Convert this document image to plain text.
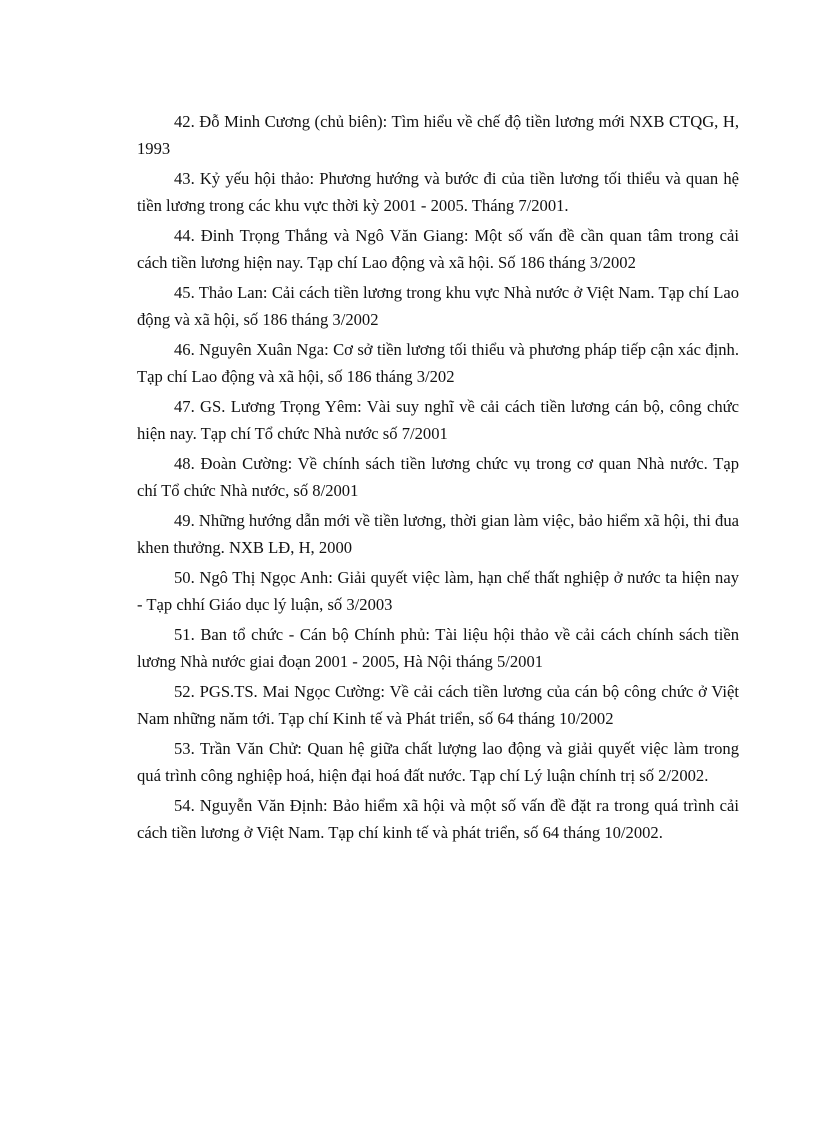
42. Đỗ Minh Cương (chủ biên): Tìm hiểu về chế độ tiền lương mới NXB CTQG, H, 1993
43. Kỷ yếu hội thảo: Phương hướng và bước đi của tiền lương tối thiểu và quan hệ tiền lương trong các khu vực thời kỳ 2001 - 2005. Tháng 7/2001.
44. Đinh Trọng Thắng và Ngô Văn Giang: Một số vấn đề cần quan tâm trong cải cách tiền lương hiện nay. Tạp chí Lao động và xã hội. Số 186 tháng 3/2002
45. Thảo Lan: Cải cách tiền lương trong khu vực Nhà nước ở Việt Nam. Tạp chí Lao động và xã hội, số 186 tháng 3/2002
46. Nguyên Xuân Nga: Cơ sở tiền lương tối thiểu và phương pháp tiếp cận xác định. Tạp chí Lao động và xã hội, số 186 tháng 3/202
47. GS. Lương Trọng Yêm: Vài suy nghĩ về cải cách tiền lương cán bộ, công chức hiện nay. Tạp chí Tổ chức Nhà nước số 7/2001
48. Đoàn Cường: Về chính sách tiền lương chức vụ trong cơ quan Nhà nước. Tạp chí Tổ chức Nhà nước, số 8/2001
49. Những hướng dẫn mới về tiền lương, thời gian làm việc, bảo hiểm xã hội, thi đua khen thưởng. NXB LĐ, H, 2000
50. Ngô Thị Ngọc Anh: Giải quyết việc làm, hạn chế thất nghiệp ở nước ta hiện nay - Tạp chhí Giáo dục lý luận, số 3/2003
51. Ban tổ chức - Cán bộ Chính phủ: Tài liệu hội thảo về cải cách chính sách tiền lương Nhà nước giai đoạn 2001 - 2005, Hà Nội tháng 5/2001
52. PGS.TS. Mai Ngọc Cường: Về cải cách tiền lương của cán bộ công chức ở Việt Nam những năm tới. Tạp chí Kinh tế và Phát triển, số 64 tháng 10/2002
53. Trần Văn Chử: Quan hệ giữa chất lượng lao động và giải quyết việc làm trong quá trình công nghiệp hoá, hiện đại hoá đất nước. Tạp chí Lý luận chính trị số 2/2002.
54. Nguyễn Văn Định: Bảo hiểm xã hội và một số vấn đề đặt ra trong quá trình cải cách tiền lương ở Việt Nam. Tạp chí kinh tế và phát triển, số 64 tháng 10/2002.
